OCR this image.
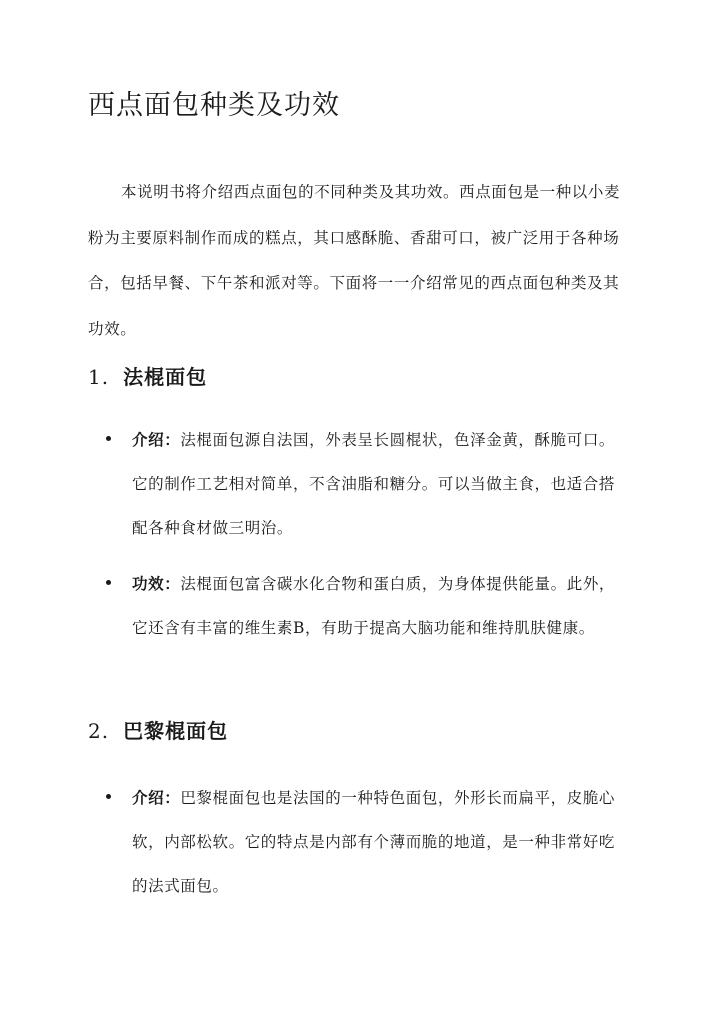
西点面包种类及功效

本说明书将介绍西点面包的不同种类及其功效。西点面包是一种以小麦粉为主要原料制作而成的糕点，其口感酥脆、香甜可口，被广泛用于各种场合，包括早餐、下午茶和派对等。下面将一一介绍常见的西点面包种类及其功效。

1. 法棍面包

介绍：法棍面包源自法国，外表呈长圆棍状，色泽金黄，酥脆可口。它的制作工艺相对简单，不含油脂和糖分。可以当做主食，也适合搭配各种食材做三明治。

功效：法棍面包富含碳水化合物和蛋白质，为身体提供能量。此外，它还含有丰富的维生素B，有助于提高大脑功能和维持肌肤健康。

2. 巴黎棍面包

介绍：巴黎棍面包也是法国的一种特色面包，外形长而扁平，皮脆心软，内部松软。它的特点是内部有个薄而脆的地道，是一种非常好吃的法式面包。
